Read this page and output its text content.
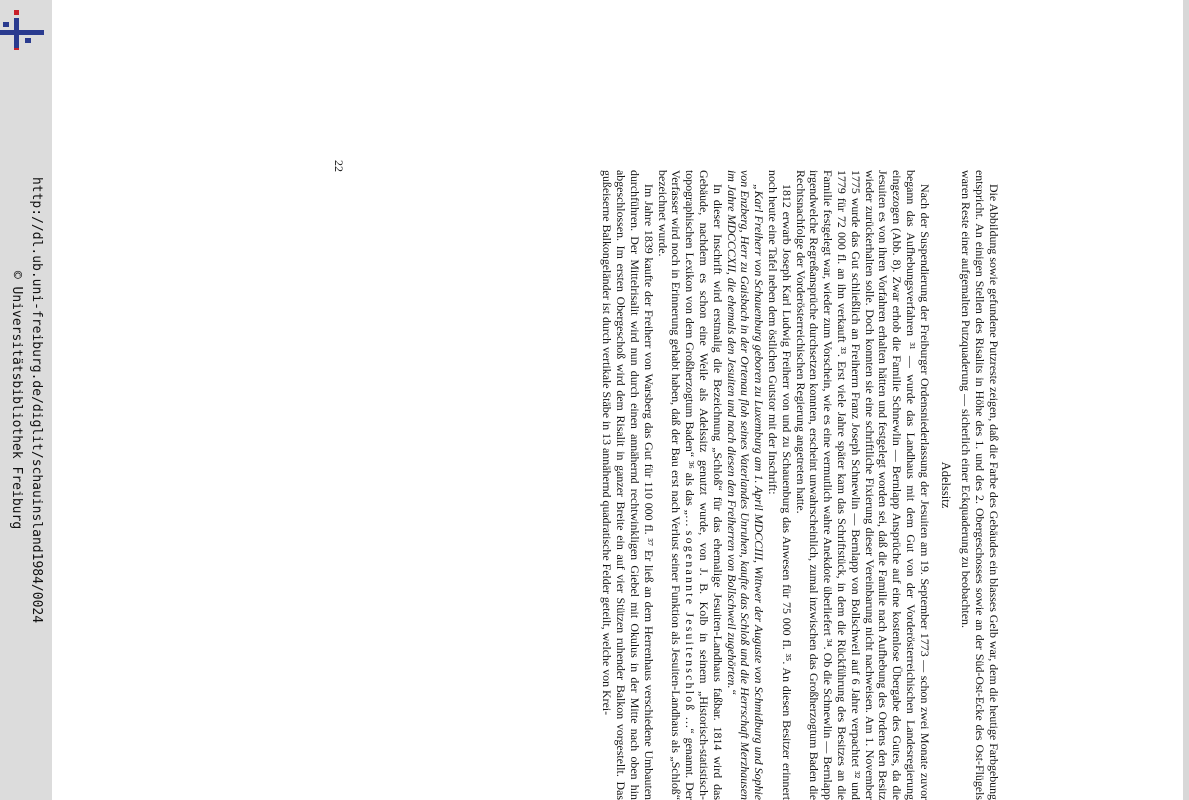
http://dl.ub.uni-freiburg.de/diglit/schauinsland1984/0024
© Universitätsbibliothek Freiburg	Die Abbildung sowie gefundene Putzreste zeigen, daß die Farbe des Gebäudes ein blasses Gelb war, dem die heutige Farbgebung entspricht. An einigen Stellen des Risalits in Höhe des 1. und des 2. Obergeschosses sowie an der Süd-Ost-Ecke des Ost-Flügels waren Reste einer aufgemalten Putzquaderung — sicherlich einer Eckquaderung zu beobachten.

Adelssitz

Nach der Suspendierung der Freiburger Ordensniederlassung der Jesuiten am 19. September 1773 — schon zwei Monate zuvor begann das Aufhebungsverfahren ³¹ — wurde das Landhaus mit dem Gut von der Vorderösterreichischen Landesregierung eingezogen (Abb. 8). Zwar erhob die Familie Schnewlin — Bernlapp Ansprüche auf eine kostenlose Übergabe des Gutes, da die Jesuiten es von ihren Vorfahren erhalten hätten und festgelegt worden sei, daß die Familie nach Aufhebung des Ordens den Besitz wieder zurückerhalten solle. Doch konnten sie eine schriftliche Fixierung dieser Vereinbarung nicht nachweisen. Am 1. November 1775 wurde das Gut schließlich an Freiherrn Franz Joseph Schnewlin — Bernlapp von Bollschweil auf 6 Jahre verpachtet ³² und 1779 für 72 000 fl. an ihn verkauft ³³. Erst viele Jahre später kam das Schriftstück, in dem die Rückführung des Besitzes an die Familie festgelegt war, wieder zum Vorschein, wie es eine vermutlich wahre Anekdote überliefert ³⁴. Ob die Schnewlin — Bernlapp irgendwelche Regreßansprüche durchsetzen konnten, erscheint unwahrscheinlich, zumal inzwischen das Großherzogtum Baden die Rechtsnachfolge der Vorderösterreichischen Regierung angetreten hatte.

1812 erwarb Joseph Karl Ludwig Freiherr von und zu Schauenburg das Anwesen für 75 000 fl. ³⁵. An diesen Besitzer erinnert noch heute eine Tafel neben dem östlichen Gutstor mit der Inschrift:

„Karl Freiherr von Schauenburg geboren zu Luxemburg am 1. April MDCCIII, Wittwer der Auguste von Schmidburg und Sophie von Enzberg, Herr zu Gaisbach in der Ortenau floh seines Vaterlandes Unruhen, kaufte das Schloß und die Herrschaft Merzhausen im Jahre MDCCCXII, die ehemals den Jesuiten und nach diesen den Freiherren von Bollschweil zugehörten.“

In dieser Inschrift wird erstmalig die Bezeichnung „Schloß“ für das ehemalige Jesuiten-Landhaus faßbar. 1814 wird das Gebäude, nachdem es schon eine Weile als Adelssitz genutzt wurde, von J. B. Kolb in seinem „Historisch-statistisch-topographischen Lexikon von dem Großherzogtum Baden“ ³⁶ als das „… sogenannte Jesuitenschloß …“ genannt. Der Verfasser wird noch in Erinnerung gehabt haben, daß der Bau erst nach Verlust seiner Funktion als Jesuiten-Landhaus als „Schloß“ bezeichnet wurde.

Im Jahre 1839 kaufte der Freiherr von Warsberg das Gut für 110 000 fl. ³⁷ Er ließ an dem Herrenhaus verschiedene Umbauten durchführen. Der Mittelrisalit wird nun durch einen annähernd rechtwinkligen Giebel mit Okulus in der Mitte nach oben hin abgeschlossen. Im ersten Obergeschoß wird dem Risalit in ganzer Breite ein auf vier Stützen ruhender Balkon vorgestellt. Das gußeiserne Balkongeländer ist durch vertikale Stäbe in 13 annähernd quadratische Felder geteilt, welche von Krei-

22
